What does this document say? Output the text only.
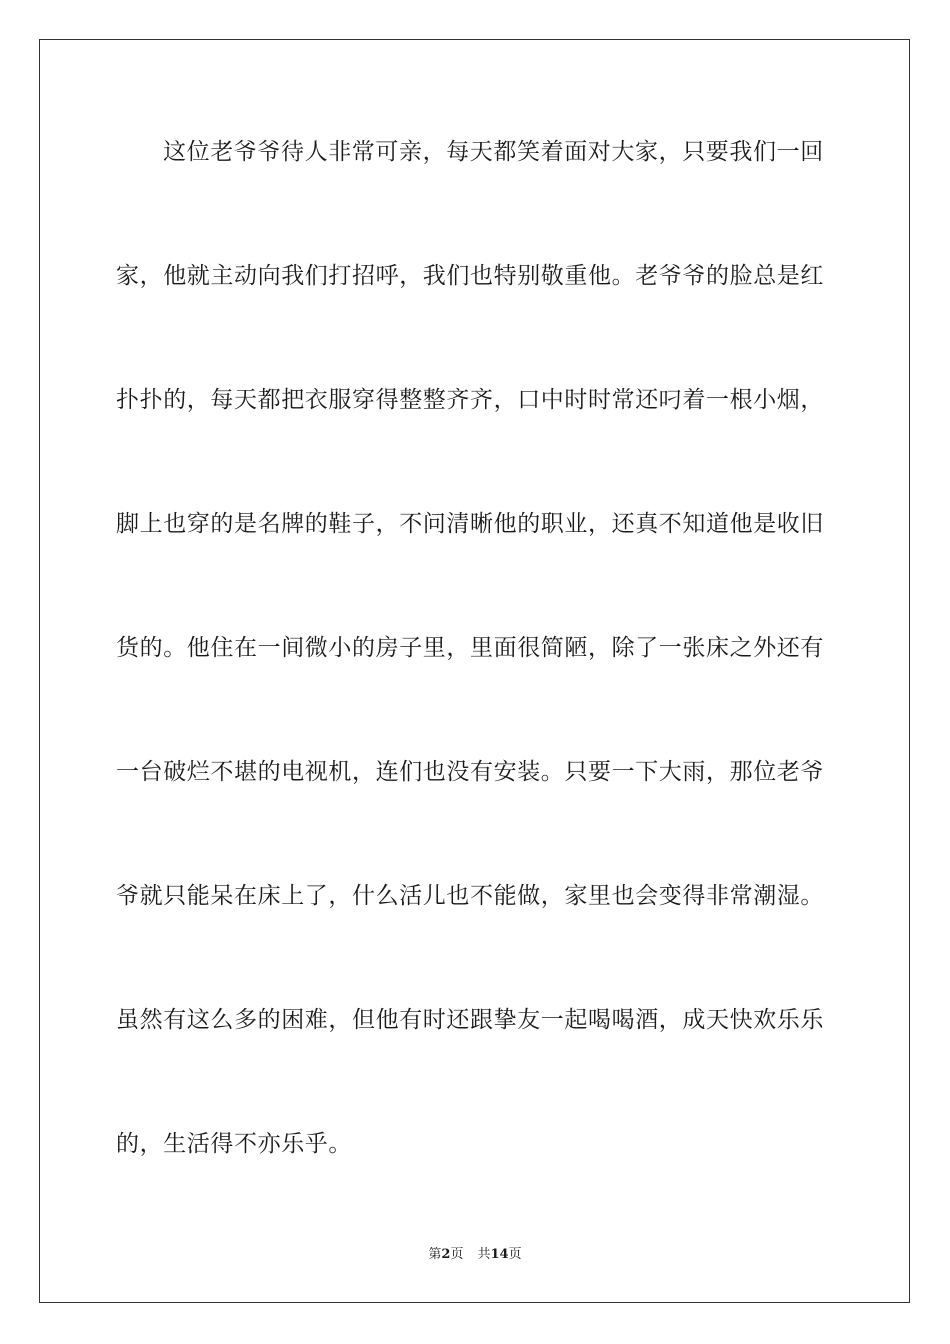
这位老爷爷待人非常可亲，每天都笑着面对大家，只要我们一回
家，他就主动向我们打招呼，我们也特别敬重他。老爷爷的脸总是红
扑扑的，每天都把衣服穿得整整齐齐，口中时时常还叼着一根小烟，
脚上也穿的是名牌的鞋子，不问清晰他的职业，还真不知道他是收旧
货的。他住在一间微小的房子里，里面很简陋，除了一张床之外还有
一台破烂不堪的电视机，连们也没有安装。只要一下大雨，那位老爷
爷就只能呆在床上了，什么活儿也不能做，家里也会变得非常潮湿。
虽然有这么多的困难，但他有时还跟挚友一起喝喝酒，成天快欢乐乐
的，生活得不亦乐乎。
第2页 共14页
